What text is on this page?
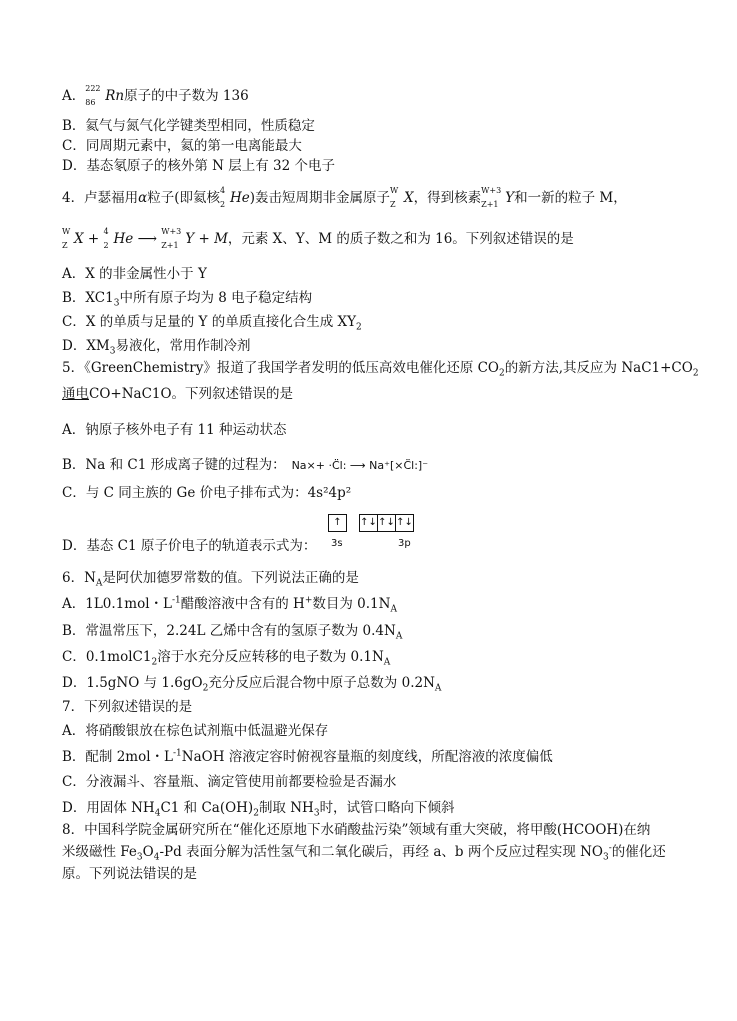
A． 222
86 Rn原子的中子数为 136
B．氦气与氮气化学键类型相同，性质稳定
C．同周期元素中，氦的第一电离能最大
D．基态氡原子的核外第 N 层上有 32 个电子
4．卢瑟福用α粒子(即氦核 4
2 He)轰击短周期非金属原子 W
Z X，得到核素 W+3
Z+1 Y和一新的粒子 M，
W
Z X + 4
2 He ⟶ W+3
Z+1 Y + M，元素 X、Y、M 的质子数之和为 16。下列叙述错误的是
A．X 的非金属性小于 Y
B．$XC1_3$中所有原子均为 8 电子稳定结构
C．X 的单质与足量的 Y 的单质直接化合生成 $XY_2$
D．$XM_3$易液化，常用作制冷剂
5．《GreenChemistry》报道了我国学者发明的低压高效电催化还原 $CO_2$的新方法,其反应为 $NaC1+CO_2$
通电CO+NaC1O。下列叙述错误的是
A．钠原子核外电子有 11 种运动状态
B．Na 和 C1 形成离子键的过程为： Na×+ ·C̈l: ⟶ Na⁺[×C̈l:]⁻
C．与 C 同主族的 Ge 价电子排布式为：4s²4p²
D．基态 C1 原子价电子的轨道表示式为：
↑	↑↓ ↑↓ ↑↓
3s	3p
6．$N_A$是阿伏加德罗常数的值。下列说法正确的是
A．1L0.1mol・$L^{-1}$醋酸溶液中含有的 H+数目为 $0.1N_A$
B．常温常压下，2.24L 乙烯中含有的氢原子数为 $0.4N_A$
C．$0.1molC1_2$溶于水充分反应转移的电子数为 $0.1N_A$
D．1.5gNO 与 $1.6gO_2$充分反应后混合物中原子总数为 $0.2N_A$
7．下列叙述错误的是
A．将硝酸银放在棕色试剂瓶中低温避光保存
B．配制 2mol・$L^{-1}NaOH$ 溶液定容时俯视容量瓶的刻度线，所配溶液的浓度偏低
C．分液漏斗、容量瓶、滴定管使用前都要检验是否漏水
D．用固体 $NH_4C1$ 和 $Ca(OH)_2$制取 $NH_3$时，试管口略向下倾斜
8．中国科学院金属研究所在“催化还原地下水硝酸盐污染”领域有重大突破，将甲酸(HCOOH)在纳
米级磁性 $Fe_3O_4-Pd$ 表面分解为活性氢气和二氧化碳后，再经 a、b 两个反应过程实现 $NO_3^-$的催化还
原。下列说法错误的是
